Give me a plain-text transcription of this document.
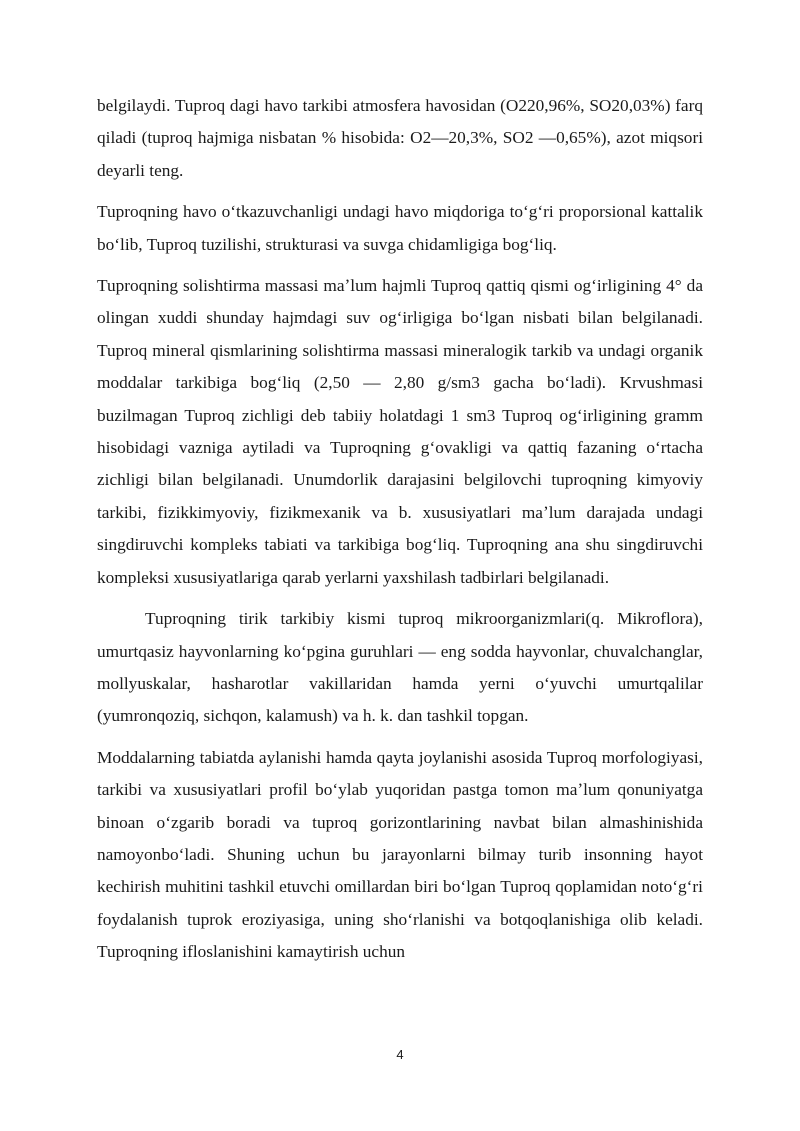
belgilaydi. Tuproq dagi havo tarkibi atmosfera havosidan (O220,96%, SO20,03%) farq qiladi (tuproq hajmiga nisbatan % hisobida: O2—20,3%, SO2 —0,65%), azot miqsori deyarli teng.

Tuproqning havo oʻtkazuvchanligi undagi havo miqdoriga toʻgʻri proporsional kattalik boʻlib, Tuproq tuzilishi, strukturasi va suvga chidamligiga bogʻliq.

Tuproqning solishtirma massasi maʼlum hajmli Tuproq qattiq qismi ogʻirligining 4° da olingan xuddi shunday hajmdagi suv ogʻirligiga boʻlgan nisbati bilan belgilanadi. Tuproq mineral qismlarining solishtirma massasi mineralogik tarkib va undagi organik moddalar tarkibiga bogʻliq (2,50 — 2,80 g/sm3 gacha boʻladi). Krvushmasi buzilmagan Tuproq zichligi deb tabiiy holatdagi 1 sm3 Tuproq ogʻirligining gramm hisobidagi vazniga aytiladi va Tuproqning gʻovakligi va qattiq fazaning oʻrtacha zichligi bilan belgilanadi. Unumdorlik darajasini belgilovchi tuproqning kimyoviy tarkibi, fizikkimyoviy, fizikmexanik va b. xususiyatlari maʼlum darajada undagi singdiruvchi kompleks tabiati va tarkibiga bogʻliq. Tuproqning ana shu singdiruvchi kompleksi xususiyatlariga qarab yerlarni yaxshilash tadbirlari belgilanadi.

Tuproqning tirik tarkibiy kismi tuproq mikroorganizmlari(q. Mikroflora), umurtqasiz hayvonlarning koʻpgina guruhlari — eng sodda hayvonlar, chuvalchanglar, mollyuskalar, hasharotlar vakillaridan hamda yerni oʻyuvchi umurtqalilar (yumronqoziq, sichqon, kalamush) va h. k. dan tashkil topgan.

Moddalarning tabiatda aylanishi hamda qayta joylanishi asosida Tuproq morfologiyasi, tarkibi va xususiyatlari profil boʻylab yuqoridan pastga tomon maʼlum qonuniyatga binoan oʻzgarib boradi va tuproq gorizontlarining navbat bilan almashinishida namoyonboʻladi. Shuning uchun bu jarayonlarni bilmay turib insonning hayot kechirish muhitini tashkil etuvchi omillardan biri boʻlgan Tuproq qoplamidan notoʻgʻri foydalanish tuprok eroziyasiga, uning shoʻrlanishi va botqoqlanishiga olib keladi. Tuproqning ifloslanishini kamaytirish uchun

4
